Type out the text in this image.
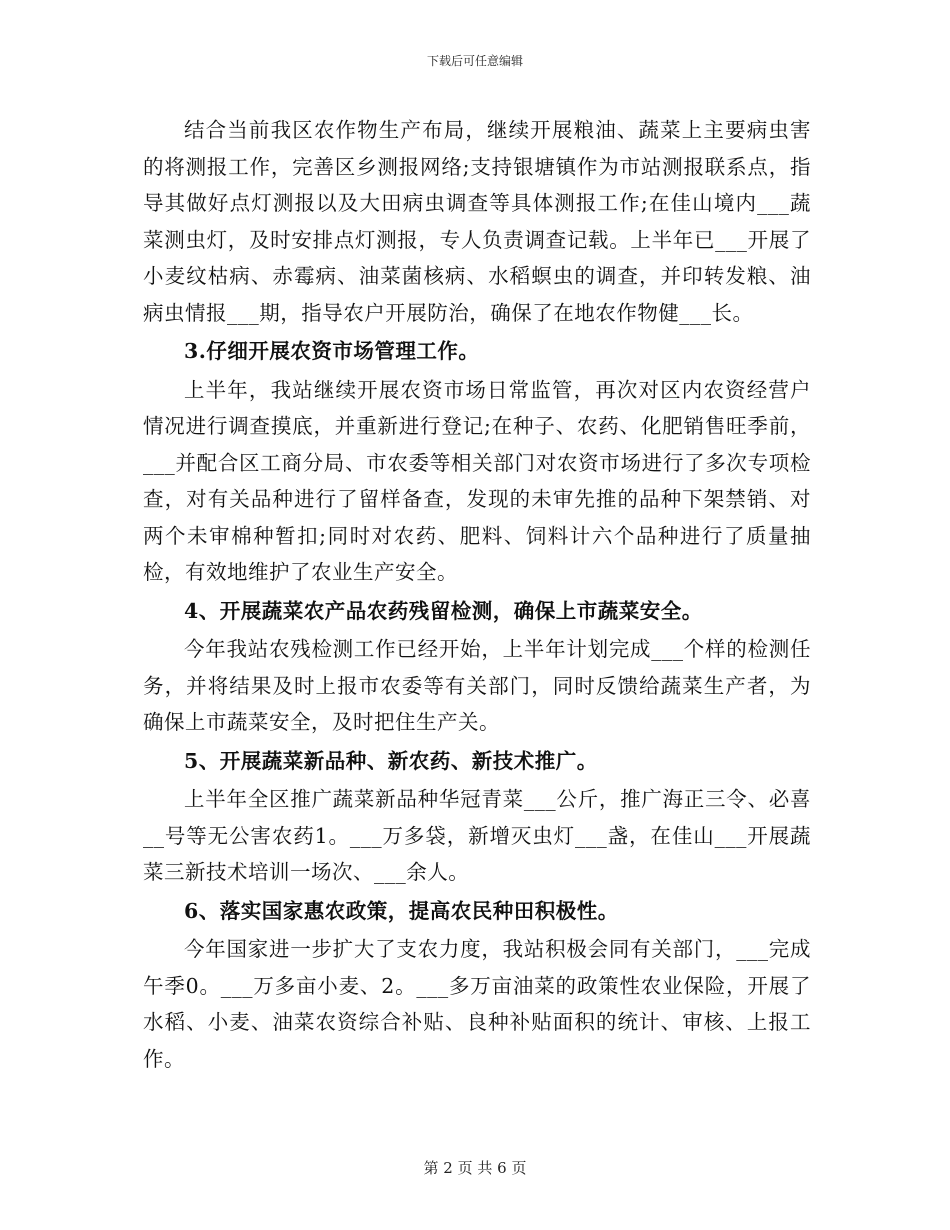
下载后可任意编辑

结合当前我区农作物生产布局，继续开展粮油、蔬菜上主要病虫害的将测报工作，完善区乡测报网络;支持银塘镇作为市站测报联系点，指导其做好点灯测报以及大田病虫调查等具体测报工作;在佳山境内___蔬菜测虫灯，及时安排点灯测报，专人负责调查记载。上半年已___开展了小麦纹枯病、赤霉病、油菜菌核病、水稻螟虫的调查，并印转发粮、油病虫情报___期，指导农户开展防治，确保了在地农作物健___长。

3.仔细开展农资市场管理工作。

上半年，我站继续开展农资市场日常监管，再次对区内农资经营户情况进行调查摸底，并重新进行登记;在种子、农药、化肥销售旺季前，___并配合区工商分局、市农委等相关部门对农资市场进行了多次专项检查，对有关品种进行了留样备查，发现的未审先推的品种下架禁销、对两个未审棉种暂扣;同时对农药、肥料、饲料计六个品种进行了质量抽检，有效地维护了农业生产安全。

4、开展蔬菜农产品农药残留检测，确保上市蔬菜安全。

今年我站农残检测工作已经开始，上半年计划完成___个样的检测任务，并将结果及时上报市农委等有关部门，同时反馈给蔬菜生产者，为确保上市蔬菜安全，及时把住生产关。

5、开展蔬菜新品种、新农药、新技术推广。

上半年全区推广蔬菜新品种华冠青菜___公斤，推广海正三令、必喜__号等无公害农药1。___万多袋，新增灭虫灯___盏，在佳山___开展蔬菜三新技术培训一场次、___余人。

6、落实国家惠农政策，提高农民种田积极性。

今年国家进一步扩大了支农力度，我站积极会同有关部门，___完成午季0。___万多亩小麦、2。___多万亩油菜的政策性农业保险，开展了水稻、小麦、油菜农资综合补贴、良种补贴面积的统计、审核、上报工作。

第 2 页 共 6 页
